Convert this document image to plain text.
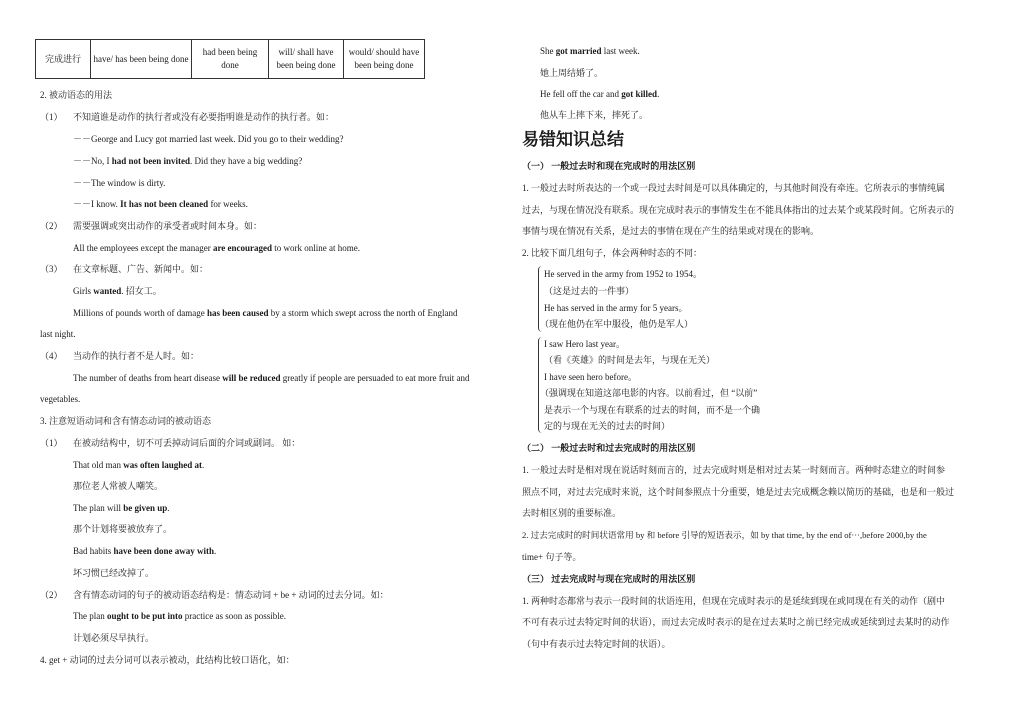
完成进行	have/ has been being done	had been being done	will/ shall have been being done	would/ should have been being done
2. 被动语态的用法
（1） 不知道谁是动作的执行者或没有必要指明谁是动作的执行者。如：
－－George and Lucy got married last week. Did you go to their wedding?
－－No, I had not been invited. Did they have a big wedding?
－－The window is dirty.
－－I know. It has not been cleaned for weeks.
（2） 需要强调或突出动作的承受者或时间本身。如：
All the employees except the manager are encouraged to work online at home.
（3） 在文章标题、广告、新闻中。如：
Girls wanted. 招女工。
Millions of pounds worth of damage has been caused by a storm which swept across the north of England
last night.
（4） 当动作的执行者不是人时。如：
The number of deaths from heart disease will be reduced greatly if people are persuaded to eat more fruit and
vegetables.
3. 注意短语动词和含有情态动词的被动语态
（1） 在被动结构中，切不可丢掉动词后面的介词或副词。 如：
That old man was often laughed at.
那位老人常被人嘲笑。
The plan will be given up.
那个计划将要被放弃了。
Bad habits have been done away with.
坏习惯已经改掉了。
（2） 含有情态动词的句子的被动语态结构是：情态动词 + be + 动词的过去分词。如：
The plan ought to be put into practice as soon as possible.
计划必须尽早执行。
4. get + 动词的过去分词可以表示被动，此结构比较口语化，如：
She got married last week.
她上周结婚了。
He fell off the car and got killed.
他从车上摔下来，摔死了。
易错知识总结
（一） 一般过去时和现在完成时的用法区别
1. 一般过去时所表达的一个或一段过去时间是可以具体确定的，与其他时间没有牵连。它所表示的事情纯属
过去，与现在情况没有联系。现在完成时表示的事情发生在不能具体指出的过去某个或某段时间。它所表示的
事情与现在情况有关系，是过去的事情在现在产生的结果或对现在的影响。
2. 比较下面几组句子，体会两种时态的不同：
He served in the army from 1952 to 1954。
（这是过去的一件事）
He has served in the army for 5 years。
（现在他仍在军中服役，他仍是军人）
I saw Hero last year。
（看《英雄》的时间是去年，与现在无关）
I have seen hero before。
（强调现在知道这部电影的内容。以前看过，但 “以前”
是表示一个与现在有联系的过去的时间，而不是一个确
定的与现在无关的过去的时间）
（二） 一般过去时和过去完成时的用法区别
1. 一般过去时是相对现在说话时刻而言的，过去完成时则是相对过去某一时刻而言。两种时态建立的时间参
照点不同，对过去完成时来说，这个时间参照点十分重要，她是过去完成概念赖以简历的基础，也是和一般过
去时相区别的重要标准。
2. 过去完成时的时间状语常用 by 和 before 引导的短语表示，如 by that time, by the end of···,before 2000,by the
time+ 句子等。
（三） 过去完成时与现在完成时的用法区别
1. 两种时态都常与表示一段时间的状语连用，但现在完成时表示的是延续到现在或同现在有关的动作（剧中
不可有表示过去特定时间的状语），而过去完成时表示的是在过去某时之前已经完成或延续到过去某时的动作
（句中有表示过去特定时间的状语）。
